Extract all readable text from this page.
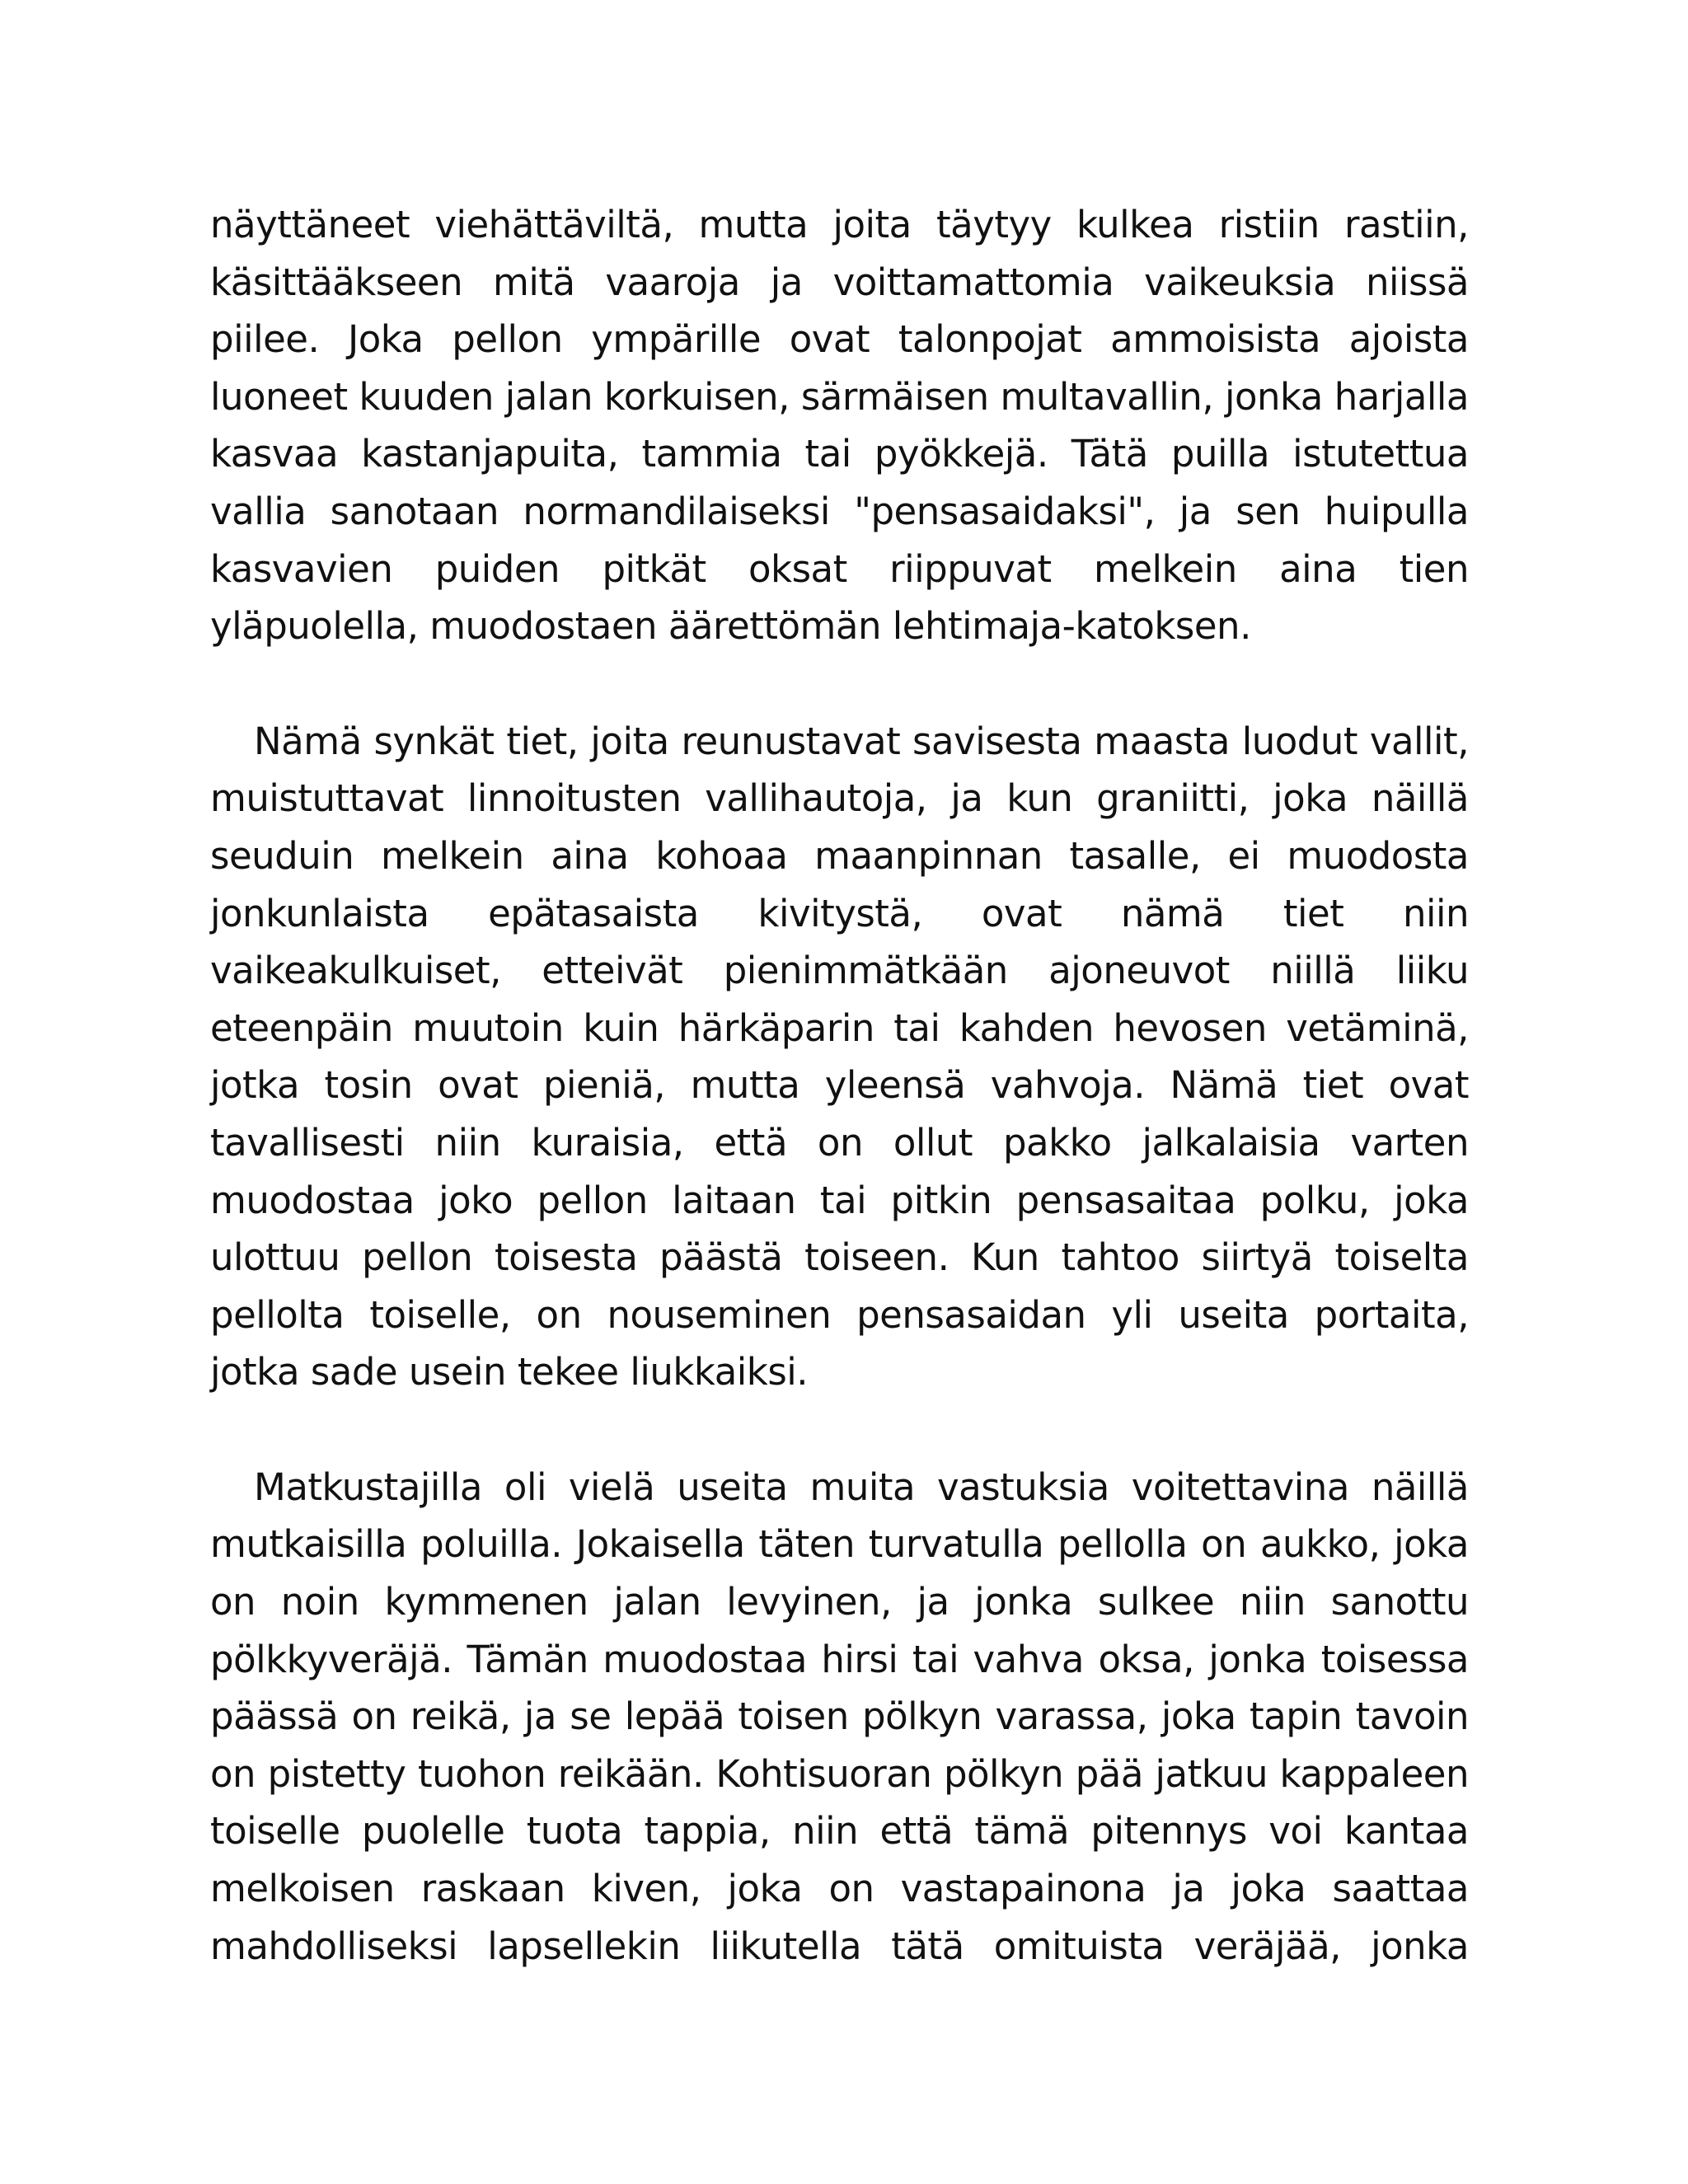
näyttäneet viehättäviltä, mutta joita täytyy kulkea ristiin rastiin, käsittääkseen mitä vaaroja ja voittamattomia vaikeuksia niissä piilee. Joka pellon ympärille ovat talonpojat ammoisista ajoista luoneet kuuden jalan korkuisen, särmäisen multavallin, jonka harjalla kasvaa kastanjapuita, tammia tai pyökkejä. Tätä puilla istutettua vallia sanotaan normandilaiseksi "pensasaidaksi", ja sen huipulla kasvavien puiden pitkät oksat riippuvat melkein aina tien yläpuolella, muodostaen äärettömän lehtimaja-katoksen.

Nämä synkät tiet, joita reunustavat savisesta maasta luodut vallit, muistuttavat linnoitusten vallihautoja, ja kun graniitti, joka näillä seuduin melkein aina kohoaa maanpinnan tasalle, ei muodosta jonkunlaista epätasaista kivitystä, ovat nämä tiet niin vaikeakulkuiset, etteivät pienimmätkään ajoneuvot niillä liiku eteenpäin muutoin kuin härkäparin tai kahden hevosen vetäminä, jotka tosin ovat pieniä, mutta yleensä vahvoja. Nämä tiet ovat tavallisesti niin kuraisia, että on ollut pakko jalkalaisia varten muodostaa joko pellon laitaan tai pitkin pensasaitaa polku, joka ulottuu pellon toisesta päästä toiseen. Kun tahtoo siirtyä toiselta pellolta toiselle, on nouseminen pensasaidan yli useita portaita, jotka sade usein tekee liukkaiksi.

Matkustajilla oli vielä useita muita vastuksia voitettavina näillä mutkaisilla poluilla. Jokaisella täten turvatulla pellolla on aukko, joka on noin kymmenen jalan levyinen, ja jonka sulkee niin sanottu pölkkyveräjä. Tämän muodostaa hirsi tai vahva oksa, jonka toisessa päässä on reikä, ja se lepää toisen pölkyn varassa, joka tapin tavoin on pistetty tuohon reikään. Kohtisuoran pölkyn pää jatkuu kappaleen toiselle puolelle tuota tappia, niin että tämä pitennys voi kantaa melkoisen raskaan kiven, joka on vastapainona ja joka saattaa mahdolliseksi lapsellekin liikutella tätä omituista veräjää, jonka
